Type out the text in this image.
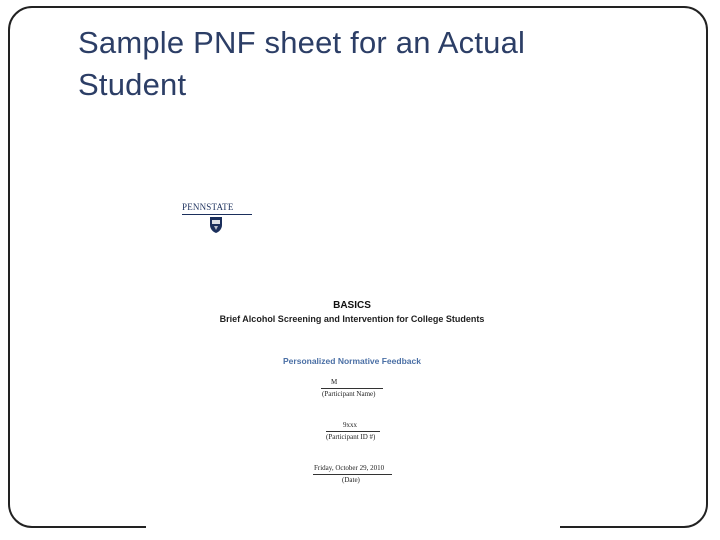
Sample PNF sheet for an Actual Student
PENNSTATE
BASICS
Brief Alcohol Screening and Intervention for College Students
Personalized Normative Feedback
M
(Participant Name)
9xxx
(Participant ID #)
Friday, October 29, 2010
(Date)
